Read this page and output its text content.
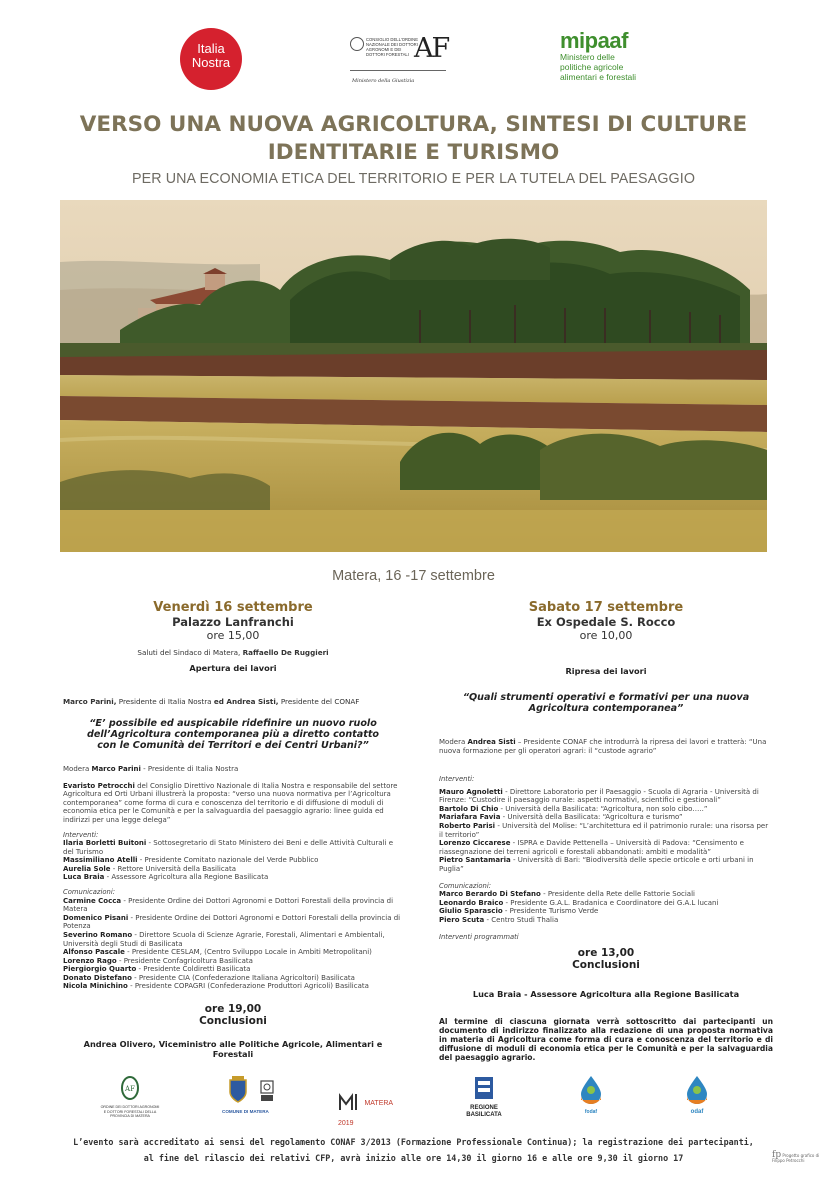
Italia
Nostra
CONSIGLIO DELL'ORDINE NAZIONALE DEI DOTTORI AGRONOMI E DEI DOTTORI FORESTALI AF
Ministero della Giustizia
mipaaf
Ministero delle
politiche agricole
alimentari e forestali
VERSO UNA NUOVA AGRICOLTURA, SINTESI DI CULTURE
IDENTITARIE E TURISMO
PER UNA ECONOMIA ETICA DEL TERRITORIO E PER LA TUTELA DEL PAESAGGIO
Matera, 16 -17 settembre
Venerdì 16 settembre
Palazzo Lanfranchi
ore 15,00
Saluti del Sindaco di Matera, Raffaello De Ruggieri
Apertura dei lavori
Marco Parini, Presidente di Italia Nostra ed Andrea Sisti, Presidente del CONAF
“E’ possibile ed auspicabile ridefinire un nuovo ruolo dell’Agricoltura contemporanea più a diretto contatto con le Comunità dei Territori e dei Centri Urbani?”
Modera Marco Parini - Presidente di Italia Nostra
Evaristo Petrocchi del Consiglio Direttivo Nazionale di Italia Nostra e responsabile del settore Agricoltura ed Orti Urbani illustrerà la proposta: “verso una nuova normativa per l’Agricoltura contemporanea” come forma di cura e conoscenza del territorio e di diffusione di moduli di economia etica per le Comunità e per la salvaguardia del paesaggio agrario: linee guida ed indirizzi per una legge delega”
Interventi:
Ilaria Borletti Buitoni - Sottosegretario di Stato Ministero dei Beni e delle Attività Culturali e del Turismo
Massimiliano Atelli - Presidente Comitato nazionale del Verde Pubblico
Aurelia Sole - Rettore Università della Basilicata
Luca Braia - Assessore Agricoltura alla Regione Basilicata
Comunicazioni:
Carmine Cocca - Presidente Ordine dei Dottori Agronomi e Dottori Forestali della provincia di Matera
Domenico Pisani - Presidente Ordine dei Dottori Agronomi e Dottori Forestali della provincia di Potenza
Severino Romano - Direttore Scuola di Scienze Agrarie, Forestali, Alimentari e Ambientali, Università degli Studi di Basilicata
Alfonso Pascale - Presidente CESLAM, (Centro Sviluppo Locale in Ambiti Metropolitani)
Lorenzo Rago - Presidente Confagricoltura Basilicata
Piergiorgio Quarto - Presidente Coldiretti Basilicata
Donato Distefano - Presidente CIA (Confederazione Italiana Agricoltori) Basilicata
Nicola Minichino - Presidente COPAGRI (Confederazione Produttori Agricoli) Basilicata
ore 19,00
Conclusioni
Andrea Olivero, Viceministro alle Politiche Agricole, Alimentari e Forestali
Sabato 17 settembre
Ex Ospedale S. Rocco
ore 10,00
Ripresa dei lavori
“Quali strumenti operativi e formativi per una nuova Agricoltura contemporanea”
Modera Andrea Sisti – Presidente CONAF che introdurrà la ripresa dei lavori e tratterà: “Una nuova formazione per gli operatori agrari: il “custode agrario”
Interventi:
Mauro Agnoletti - Direttore Laboratorio per il Paesaggio - Scuola di Agraria - Università di Firenze: “Custodire il paesaggio rurale: aspetti normativi, scientifici e gestionali”
Bartolo Di Chio - Università della Basilicata: “Agricoltura, non solo cibo…..”
Mariafara Favia - Università della Basilicata: “Agricoltura e turismo”
Roberto Parisi - Università del Molise: “L’architettura ed il patrimonio rurale: una risorsa per il territorio”
Lorenzo Ciccarese - ISPRA e Davide Pettenella – Università di Padova: “Censimento e riassegnazione dei terreni agricoli e forestali abbandonati: ambiti e modalità”
Pietro Santamaria - Università di Bari: “Biodiversità delle specie orticole e orti urbani in Puglia”
Comunicazioni:
Marco Berardo Di Stefano - Presidente della Rete delle Fattorie Sociali
Leonardo Braico - Presidente G.A.L. Bradanica e Coordinatore dei G.A.L lucani
Giulio Sparascio - Presidente Turismo Verde
Piero Scuta - Centro Studi Thalia
Interventi programmati
ore 13,00
Conclusioni
Luca Braia - Assessore Agricoltura alla Regione Basilicata
Al termine di ciascuna giornata verrà sottoscritto dai partecipanti un documento di indirizzo finalizzato alla redazione di una proposta normativa in materia di Agricoltura come forma di cura e conoscenza del territorio e di diffusione di moduli di economia etica per le Comunità e per la salvaguardia del paesaggio agrario.
AF
ORDINE DEI DOTTORI AGRONOMI E DOTTORI FORESTALI DELLA PROVINCIA DI MATERA
COMUNE DI MATERA
MATERA 2019
REGIONE BASILICATA	fodaf	odaf
L’evento sarà accreditato ai sensi del regolamento CONAF 3/2013 (Formazione Professionale Continua); la registrazione dei partecipanti,
al fine del rilascio dei relativi CFP, avrà inizio alle ore 14,30 il giorno 16 e alle ore 9,30 il giorno 17	fp Progetto grafico di Filippo Petrocchi
